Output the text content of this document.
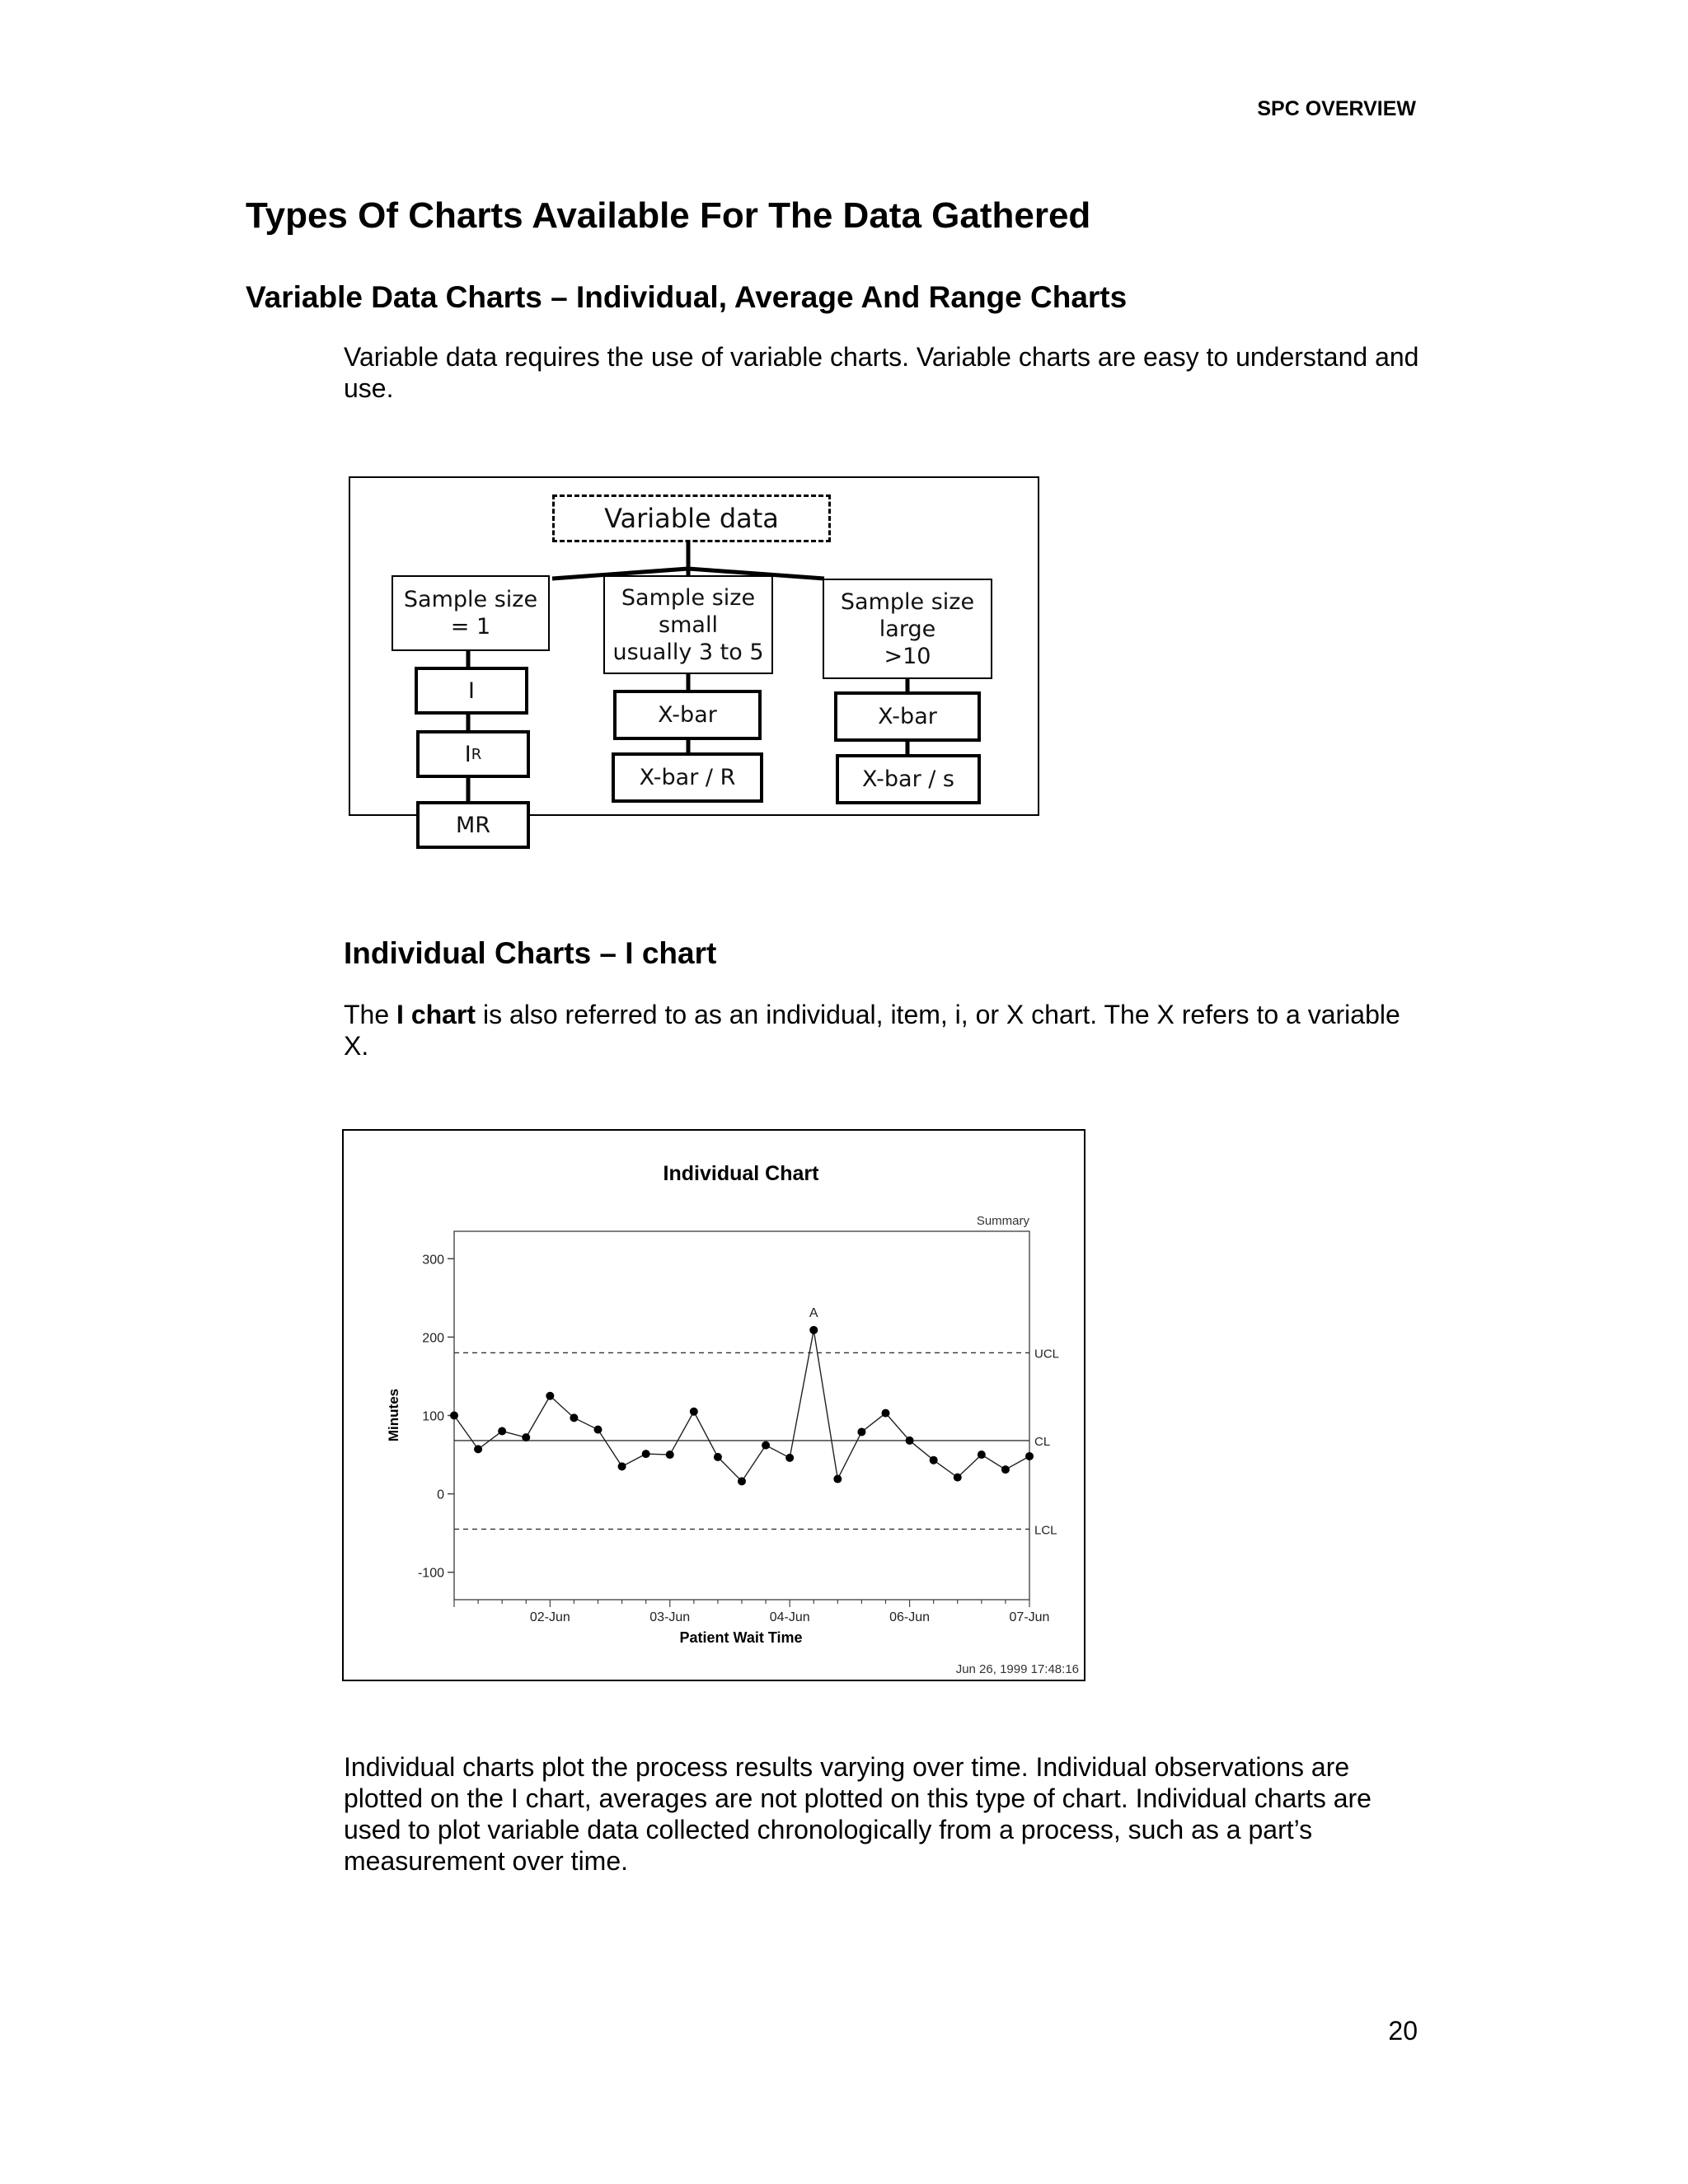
SPC OVERVIEW
Types Of Charts Available For The Data Gathered
Variable Data Charts – Individual, Average And Range Charts
Variable data requires the use of variable charts. Variable charts are easy to understand and use.
Variable data
Sample size
= 1
I
I R
MR
Sample size
small
usually 3 to 5
X-bar
X-bar / R
Sample size
large
>10
X-bar
X-bar / s
Individual Charts – I chart
The I chart is also referred to as an individual, item, i, or X chart. The X refers to a variable X.
Individual Chart
Summary
300
200
100
0
-100
02-Jun	03-Jun	04-Jun	06-Jun	07-Jun
UCL
CL
LCL
A
Minutes
Patient Wait Time
Jun 26, 1999 17:48:16
Individual charts plot the process results varying over time. Individual observations are plotted on the I chart, averages are not plotted on this type of chart. Individual charts are used to plot variable data collected chronologically from a process, such as a part’s measurement over time.
20
